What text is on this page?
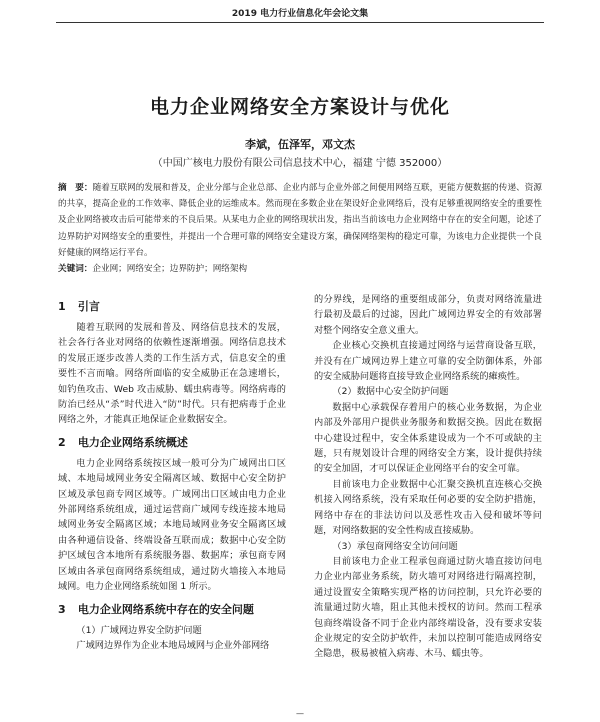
2019 电力行业信息化年会论文集
电力企业网络安全方案设计与优化
李斌，伍泽军，邓文杰
（中国广核电力股份有限公司信息技术中心，福建 宁德 352000）
摘　要：随着互联网的发展和普及，企业分部与企业总部、企业内部与企业外部之间便用网络互联，更能方便数据的传递、资源的共享，提高企业的工作效率、降低企业的运维成本。然而现在多数企业在架设好企业网络后，没有足够重视网络安全的重要性及企业网络被攻击后可能带来的不良后果。从某电力企业的网络现状出发，指出当前该电力企业网络中存在的安全问题，论述了边界防护对网络安全的重要性，并提出一个合理可靠的网络安全建设方案，确保网络架构的稳定可靠，为该电力企业提供一个良好健康的网络运行平台。
关键词：企业网；网络安全；边界防护；网络架构
1 引言

随着互联网的发展和普及、网络信息技术的发展，社会各行各业对网络的依赖性逐渐增强。网络信息技术的发展正逐步改善人类的工作生活方式，信息安全的重要性不言而喻。网络所面临的安全威胁正在急速增长，如钓鱼攻击、Web 攻击威胁、蠕虫病毒等。网络病毒的防治已经从“杀”时代进入“防”时代。只有把病毒于企业网络之外，才能真正地保证企业数据安全。

2 电力企业网络系统概述

电力企业网络系统按区域一般可分为广域网出口区域、本地局域网业务安全隔离区域、数据中心安全防护区域及承包商专网区域等。广域网出口区域由电力企业外部网络系统组成，通过运营商广域网专线连接本地局域网业务安全隔离区域；本地局域网业务安全隔离区域由各种通信设备、终端设备互联而成；数据中心安全防护区域包含本地所有系统服务器、数据库；承包商专网区域由各承包商网络系统组成，通过防火墙接入本地局域网。电力企业网络系统如图 1 所示。

3 电力企业网络系统中存在的安全问题

（1）广域网边界安全防护问题

广域网边界作为企业本地局域网与企业外部网络

的分界线，是网络的重要组成部分，负责对网络流量进行最初及最后的过滤，因此广域网边界安全的有效部署对整个网络安全意义重大。

企业核心交换机直接通过网络与运营商设备互联，并没有在广域网边界上建立可靠的安全防御体系，外部的安全威胁问题将直接导致企业网络系统的瘫痪性。

（2）数据中心安全防护问题

数据中心承载保存着用户的核心业务数据，为企业内部及外部用户提供业务服务和数据交换。因此在数据中心建设过程中，安全体系建设成为一个不可或缺的主题，只有规划设计合理的网络安全方案，设计提供持续的安全加固，才可以保证企业网络平台的安全可靠。

目前该电力企业数据中心汇聚交换机直连核心交换机接入网络系统，没有采取任何必要的安全防护措施，网络中存在的非法访问以及恶性攻击入侵和破坏等问题，对网络数据的安全性构成直接威胁。

（3）承包商网络安全访问问题

目前该电力企业工程承包商通过防火墙直接访问电力企业内部业务系统，防火墙可对网络进行隔离控制，通过设置安全策略实现严格的访问控制，只允许必要的流量通过防火墙，阻止其他未授权的访问。然而工程承包商终端设备不同于企业内部终端设备，没有要求安装企业规定的安全防护软件，未加以控制可能造成网络安全隐患，极易被植入病毒、木马、蠕虫等。

—
